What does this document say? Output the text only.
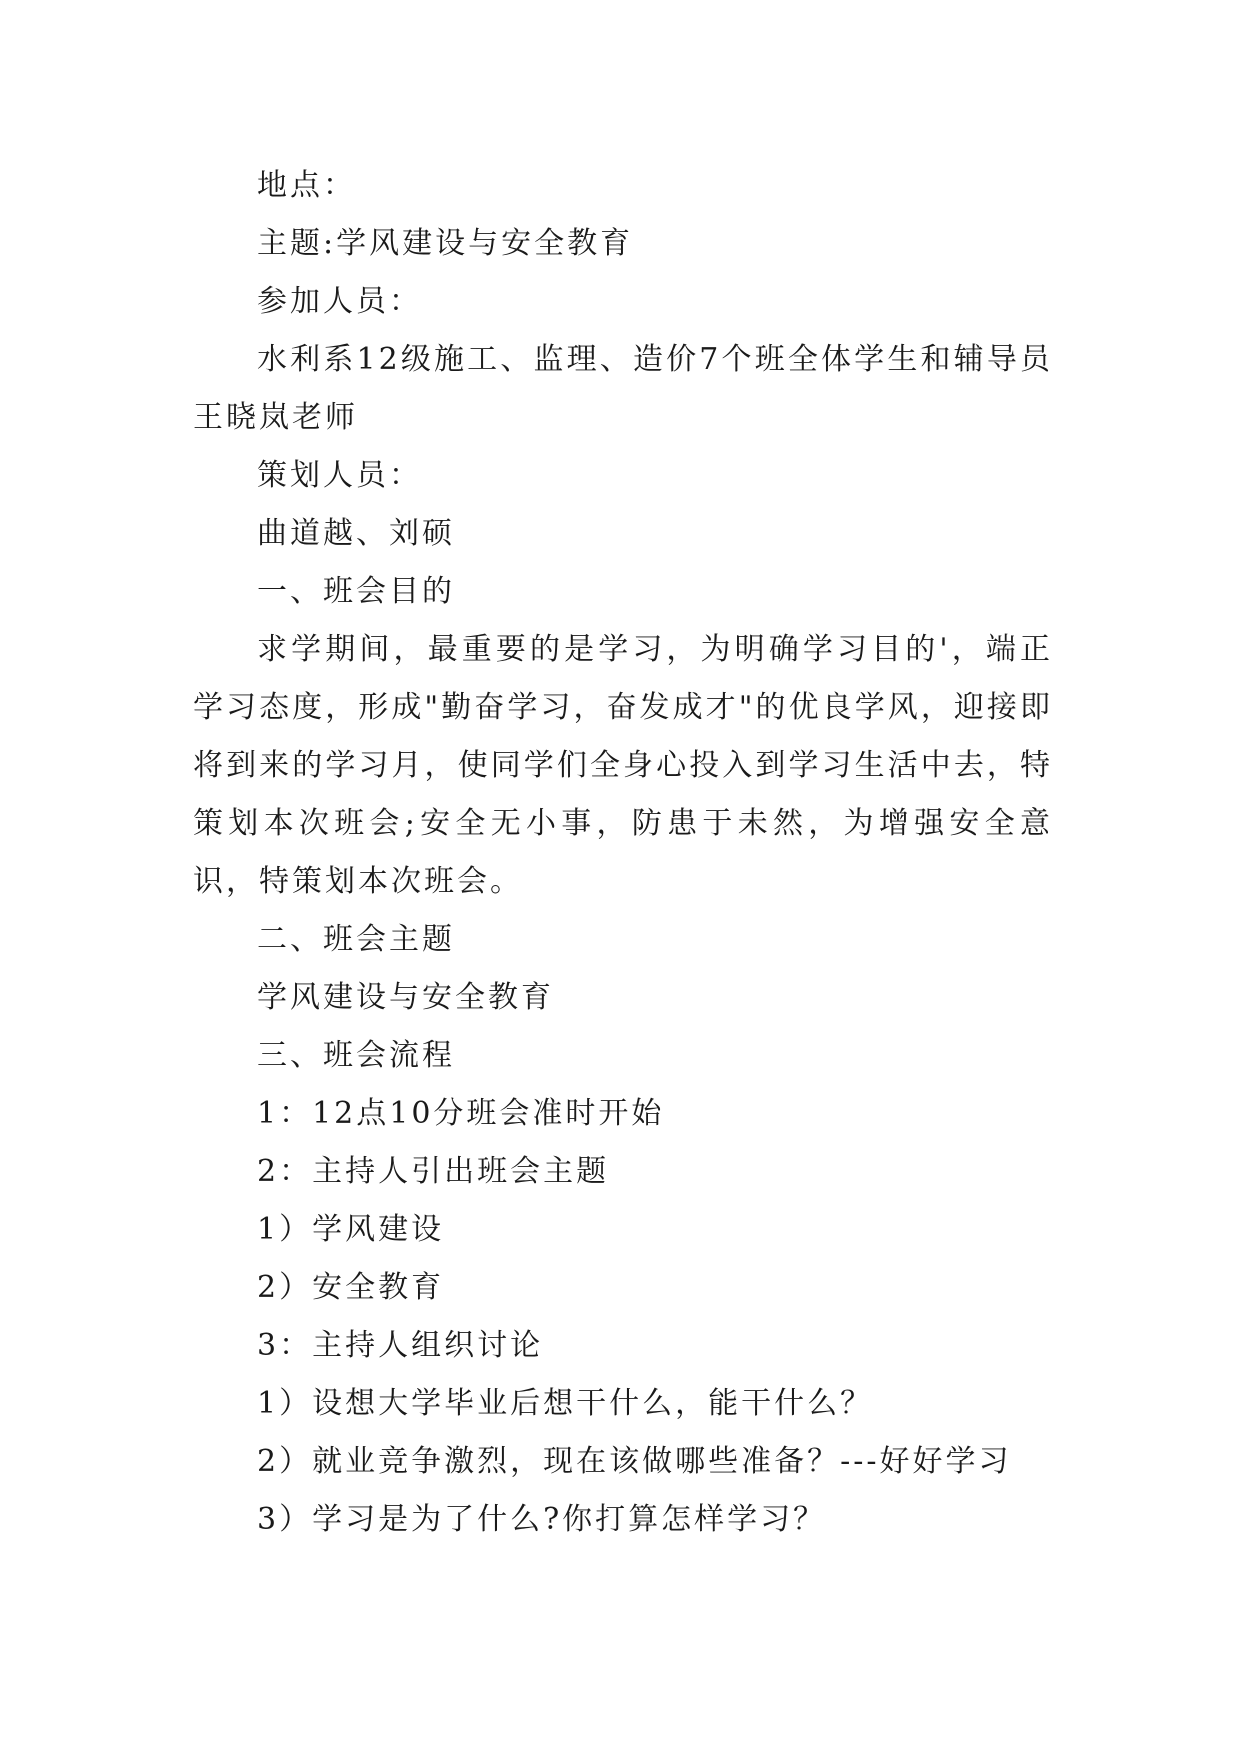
地点：

主题:学风建设与安全教育

参加人员：

水利系12级施工、监理、造价7个班全体学生和辅导员王晓岚老师

策划人员：

曲道越、刘硕

一、班会目的

求学期间，最重要的是学习，为明确学习目的'，端正学习态度，形成"勤奋学习，奋发成才"的优良学风，迎接即将到来的学习月，使同学们全身心投入到学习生活中去，特策划本次班会;安全无小事，防患于未然，为增强安全意识，特策划本次班会。

二、班会主题

学风建设与安全教育

三、班会流程

1：12点10分班会准时开始

2：主持人引出班会主题

1）学风建设

2）安全教育

3：主持人组织讨论

1）设想大学毕业后想干什么，能干什么？

2）就业竞争激烈，现在该做哪些准备？---好好学习

3）学习是为了什么?你打算怎样学习？
